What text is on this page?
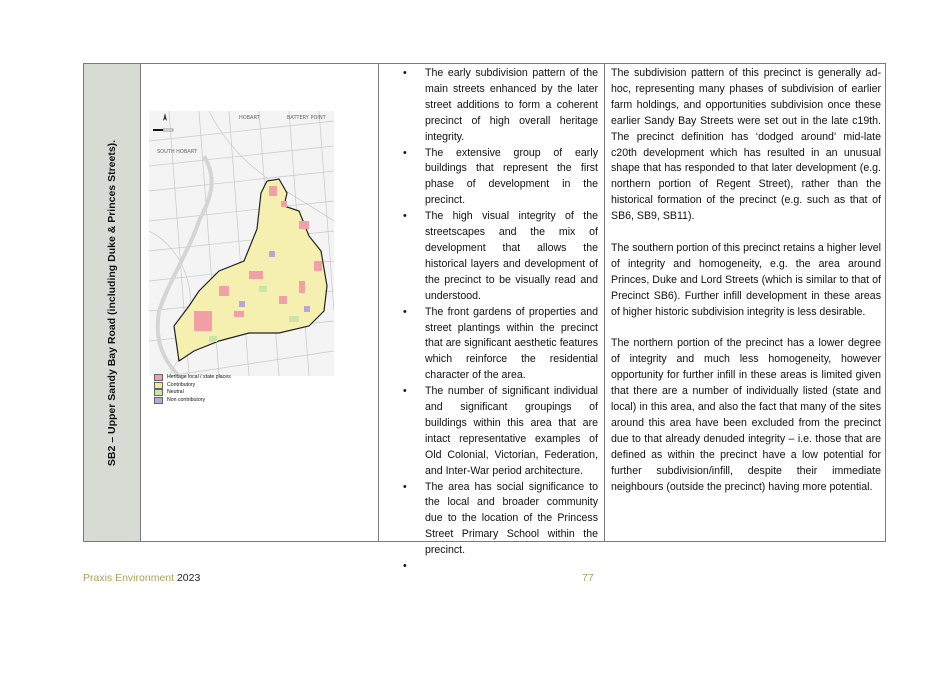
SB2 – Upper Sandy Bay Road (including Duke & Princes Streets).
HOBART	BATTERY POINT
SOUTH HOBART
Heritage local / state places
Contributory
Neutral
Non contributory
• The early subdivision pattern of the main streets enhanced by the later street additions to form a coherent precinct of high overall heritage integrity.
• The extensive group of early buildings that represent the first phase of development in the precinct.
• The high visual integrity of the streetscapes and the mix of development that allows the historical layers and development of the precinct to be visually read and understood.
• The front gardens of properties and street plantings within the precinct that are significant aesthetic features which reinforce the residential character of the area.
• The number of significant individual and significant groupings of buildings within this area that are intact representative examples of Old Colonial, Victorian, Federation, and Inter-War period architecture.
• The area has social significance to the local and broader community due to the location of the Princess Street Primary School within the precinct.
•

The subdivision pattern of this precinct is generally ad-hoc, representing many phases of subdivision of earlier farm holdings, and opportunities subdivision once these earlier Sandy Bay Streets were set out in the late c19th. The precinct definition has ‘dodged around’ mid-late c20th development which has resulted in an unusual shape that has responded to that later development (e.g. northern portion of Regent Street), rather than the historical formation of the precinct (e.g. such as that of SB6, SB9, SB11).

The southern portion of this precinct retains a higher level of integrity and homogeneity, e.g. the area around Princes, Duke and Lord Streets (which is similar to that of Precinct SB6). Further infill development in these areas of higher historic subdivision integrity is less desirable.

The northern portion of the precinct has a lower degree of integrity and much less homogeneity, however opportunity for further infill in these areas is limited given that there are a number of individually listed (state and local) in this area, and also the fact that many of the sites around this area have been excluded from the precinct due to that already denuded integrity – i.e. those that are defined as within the precinct have a low potential for further subdivision/infill, despite their immediate neighbours (outside the precinct) having more potential.

Praxis Environment 2023	77
